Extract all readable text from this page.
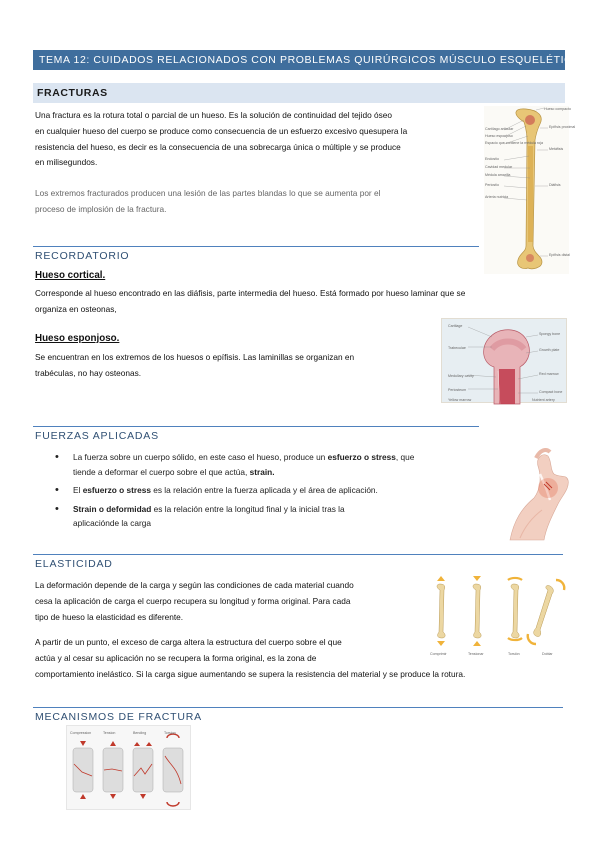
TEMA 12: CUIDADOS RELACIONADOS CON PROBLEMAS QUIRÚRGICOS MÚSCULO ESQUELÉTICO
FRACTURAS
Una fractura es la rotura total o parcial de un hueso. Es la solución de continuidad del tejido óseo
en cualquier hueso del cuerpo se produce como consecuencia de un esfuerzo excesivo quesupera la
resistencia del hueso, es decir es la consecuencia de una sobrecarga única o múltiple y se produce
en milisegundos.
Los extremos fracturados producen una lesión de las partes blandas lo que se aumenta por el
proceso de implosión de la fractura.
Cartílago articular
Hueso esponjoso
Espacio que contiene la médula roja
Endostio
Cavidad medular
Médula amarilla
Periostio
Arteria nutricia
Epífisis proximal
Metáfisis
Diáfisis
Epífisis distal
Hueso compacto
RECORDATORIO
Hueso cortical.
Corresponde al hueso encontrado en las diáfisis, parte intermedia del hueso. Está formado por hueso laminar que se
organiza en osteonas,
Hueso esponjoso.
Se encuentran en los extremos de los huesos o epífisis. Las laminillas se organizan en
trabéculas, no hay osteonas.
Cartilage
Trabeculae
Medullary cavity
Periosteum
Spongy bone
Growth plate
Red marrow
Compact bone
Yellow marrow	Nutrient artery
FUERZAS APLICADAS
• La fuerza sobre un cuerpo sólido, en este caso el hueso, produce un esfuerzo o stress, que
tiende a deformar el cuerpo sobre el que actúa, strain.
• El esfuerzo o stress es la relación entre la fuerza aplicada y el área de aplicación.
• Strain o deformidad es la relación entre la longitud final y la inicial tras la
aplicaciónde la carga
ELASTICIDAD
La deformación depende de la carga y según las condiciones de cada material cuando
cesa la aplicación de carga el cuerpo recupera su longitud y forma original. Para cada
tipo de hueso la elasticidad es diferente.
A partir de un punto, el exceso de carga altera la estructura del cuerpo sobre el que
actúa y al cesar su aplicación no se recupera la forma original, es la zona de
comportamiento inelástico. Si la carga sigue aumentando se supera la resistencia del material y se produce la rotura.
Comprimir	Tensionar	Torsión	Doblar
MECANISMOS DE FRACTURA
Compression	Tension	Bending	Torsion
